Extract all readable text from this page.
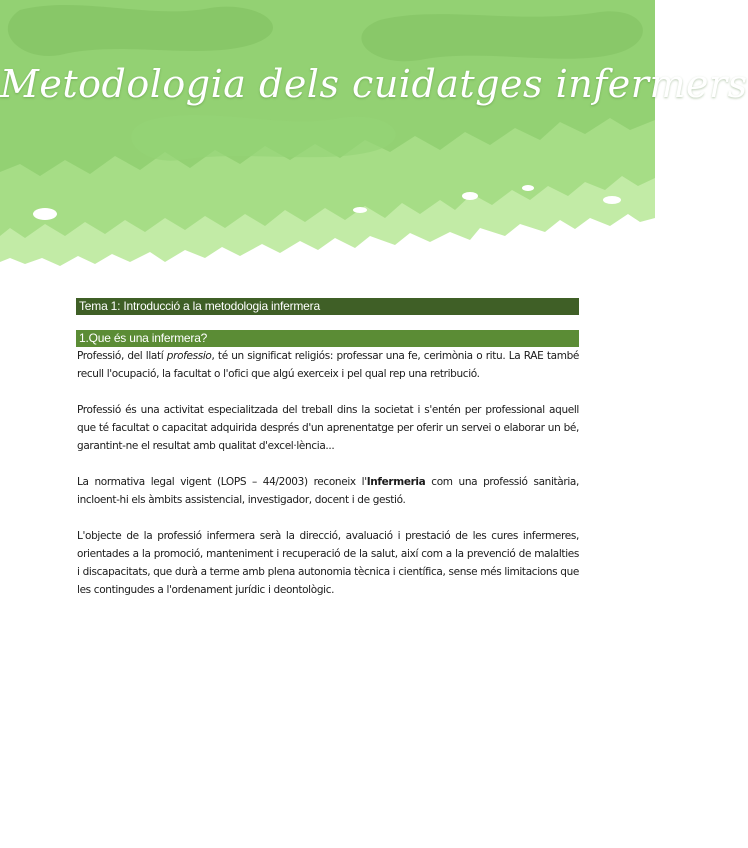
Metodologia dels cuidatges infermers
Tema 1: Introducció a la metodologia infermera
1.Que és una infermera?

Professió, del llatí professio, té un significat religiós: professar una fe, cerimònia o ritu. La RAE també recull l'ocupació, la facultat o l'ofici que algú exerceix i pel qual rep una retribució.

Professió és una activitat especialitzada del treball dins la societat i s'entén per professional aquell que té facultat o capacitat adquirida després d'un aprenentatge per oferir un servei o elaborar un bé, garantint-ne el resultat amb qualitat d'excel·lència...

La normativa legal vigent (LOPS – 44/2003) reconeix l'Infermeria com una professió sanitària, incloent-hi els àmbits assistencial, investigador, docent i de gestió.

L'objecte de la professió infermera serà la direcció, avaluació i prestació de les cures infermeres, orientades a la promoció, manteniment i recuperació de la salut, així com a la prevenció de malalties i discapacitats, que durà a terme amb plena autonomia tècnica i científica, sense més limitacions que les contingudes a l'ordenament jurídic i deontològic.
